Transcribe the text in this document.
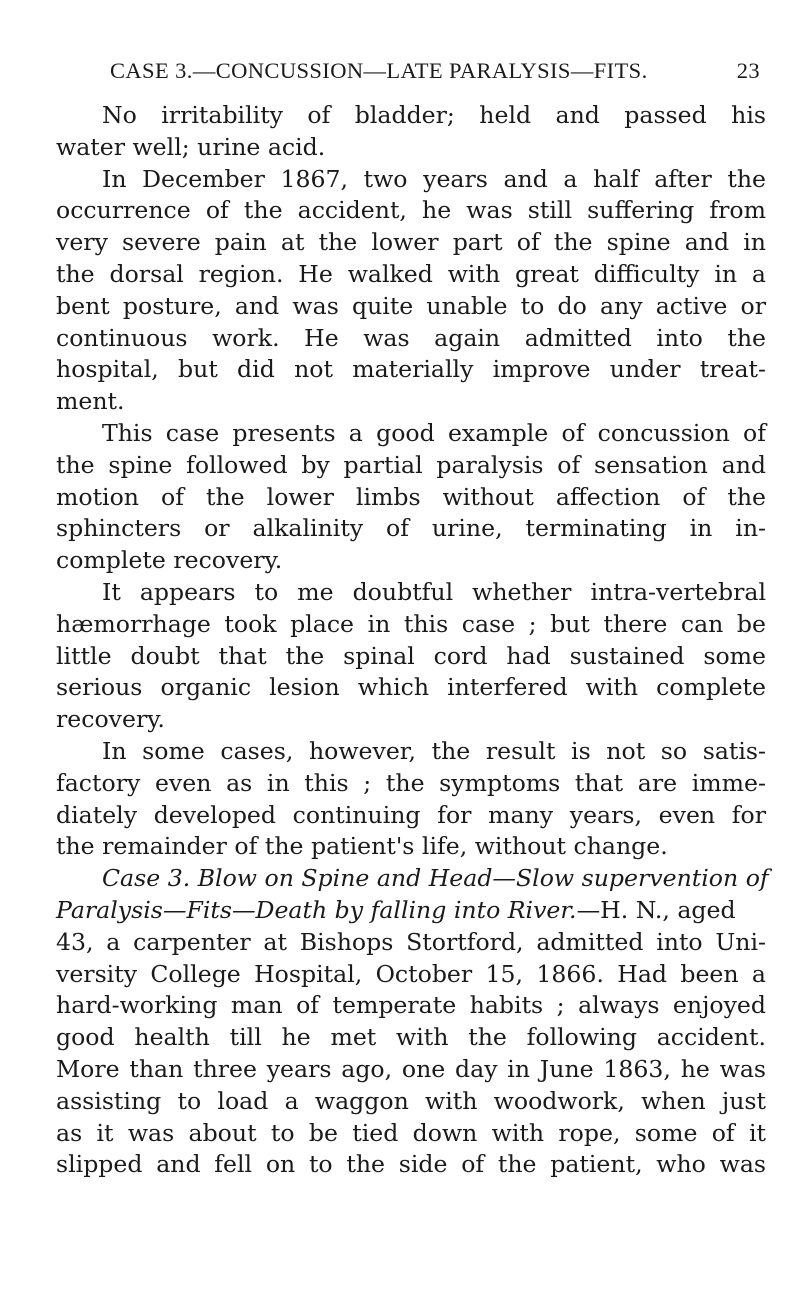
CASE 3.—CONCUSSION—LATE PARALYSIS—FITS.	23
No irritability of bladder; held and passed his
water well; urine acid.
In December 1867, two years and a half after the
occurrence of the accident, he was still suffering from
very severe pain at the lower part of the spine and in
the dorsal region. He walked with great difficulty in a
bent posture, and was quite unable to do any active or
continuous work. He was again admitted into the
hospital, but did not materially improve under treat-
ment.
This case presents a good example of concussion of
the spine followed by partial paralysis of sensation and
motion of the lower limbs without affection of the
sphincters or alkalinity of urine, terminating in in-
complete recovery.
It appears to me doubtful whether intra-vertebral
hæmorrhage took place in this case ; but there can be
little doubt that the spinal cord had sustained some
serious organic lesion which interfered with complete
recovery.
In some cases, however, the result is not so satis-
factory even as in this ; the symptoms that are imme-
diately developed continuing for many years, even for
the remainder of the patient's life, without change.
Case 3. Blow on Spine and Head—Slow supervention of
Paralysis—Fits—Death by falling into River.—H. N., aged
43, a carpenter at Bishops Stortford, admitted into Uni-
versity College Hospital, October 15, 1866. Had been a
hard-working man of temperate habits ; always enjoyed
good health till he met with the following accident.
More than three years ago, one day in June 1863, he was
assisting to load a waggon with woodwork, when just
as it was about to be tied down with rope, some of it
slipped and fell on to the side of the patient, who was
